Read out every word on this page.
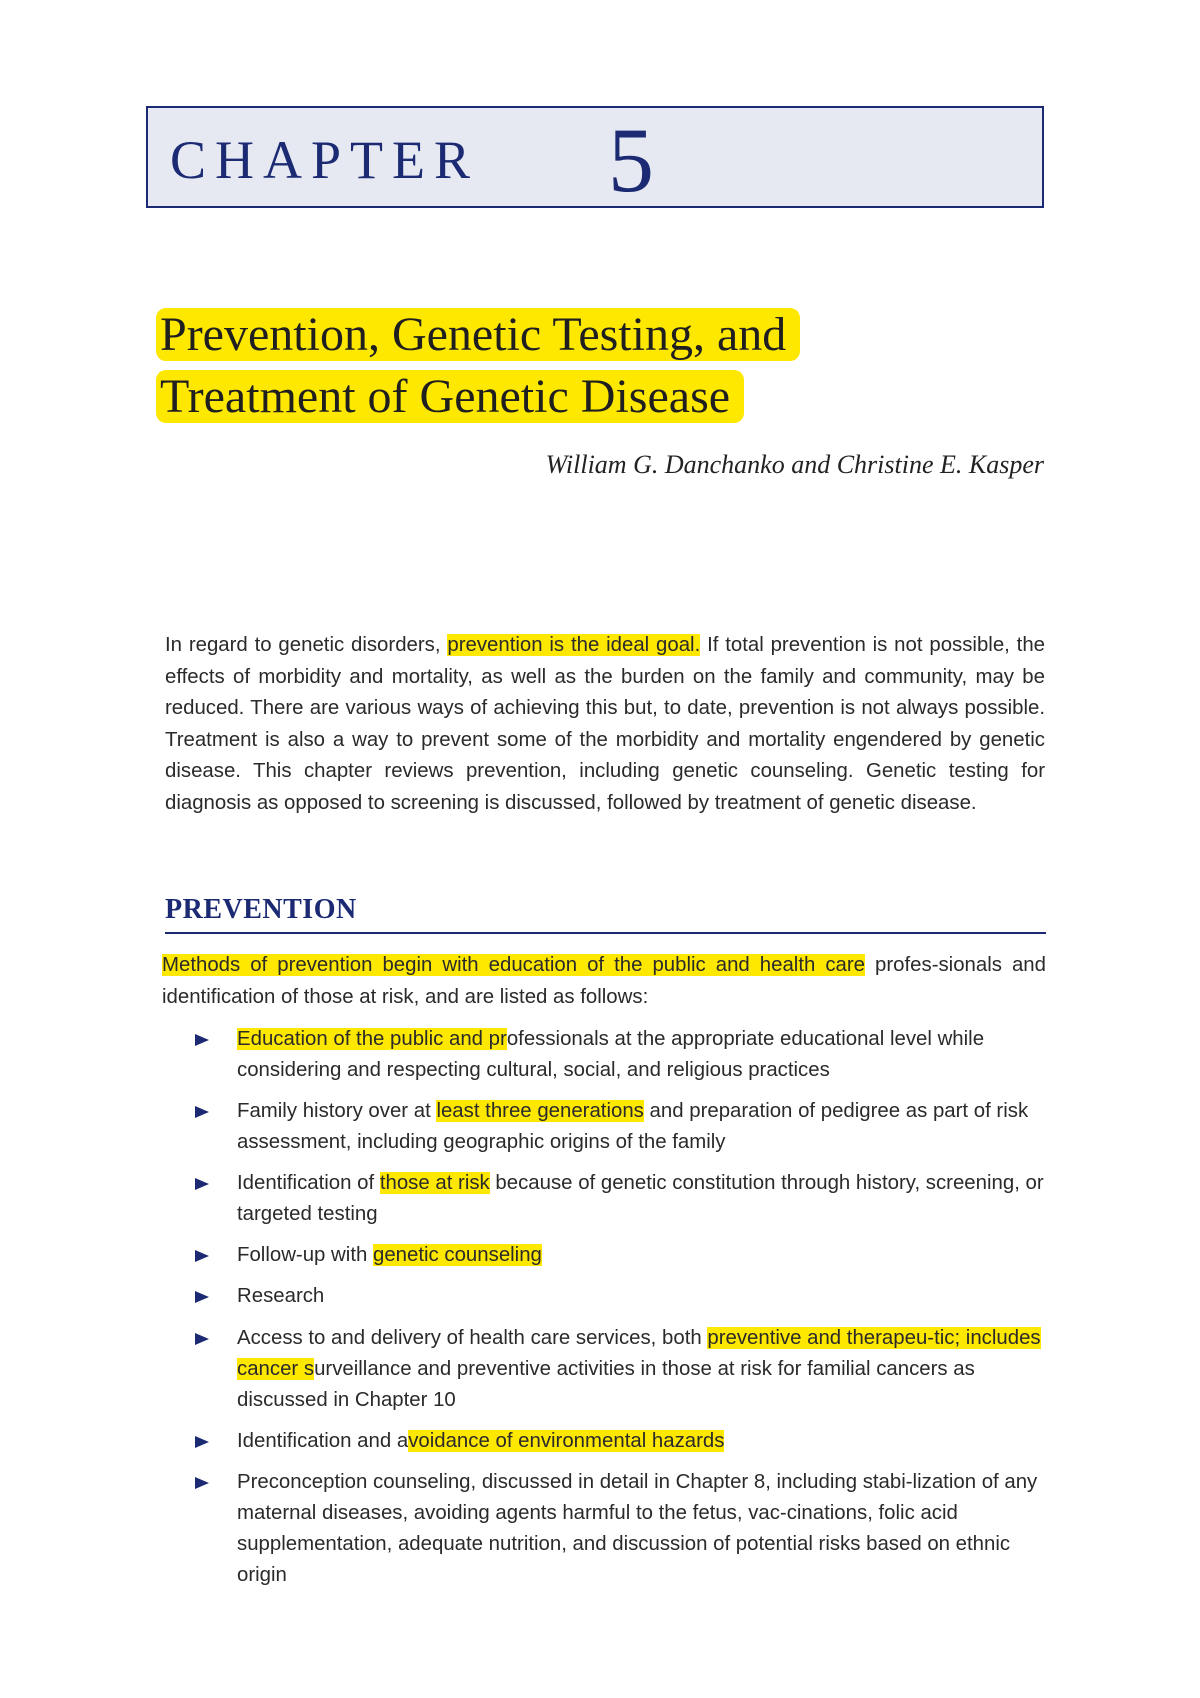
CHAPTER 5
Prevention, Genetic Testing, and
Treatment of Genetic Disease
William G. Danchanko and Christine E. Kasper

In regard to genetic disorders, prevention is the ideal goal. If total prevention is not possible, the effects of morbidity and mortality, as well as the burden on the family and community, may be reduced. There are various ways of achieving this but, to date, prevention is not always possible. Treatment is also a way to prevent some of the morbidity and mortality engendered by genetic disease. This chapter reviews prevention, including genetic counseling. Genetic testing for diagnosis as opposed to screening is discussed, followed by treatment of genetic disease.

PREVENTION

Methods of prevention begin with education of the public and health care profes-sionals and identification of those at risk, and are listed as follows:

Education of the public and professionals at the appropriate educational level while considering and respecting cultural, social, and religious practices
Family history over at least three generations and preparation of pedigree as part of risk assessment, including geographic origins of the family
Identification of those at risk because of genetic constitution through history, screening, or targeted testing
Follow-up with genetic counseling
Research
Access to and delivery of health care services, both preventive and therapeu-tic; includes cancer surveillance and preventive activities in those at risk for familial cancers as discussed in Chapter 10
Identification and avoidance of environmental hazards
Preconception counseling, discussed in detail in Chapter 8, including stabi-lization of any maternal diseases, avoiding agents harmful to the fetus, vac-cinations, folic acid supplementation, adequate nutrition, and discussion of potential risks based on ethnic origin
